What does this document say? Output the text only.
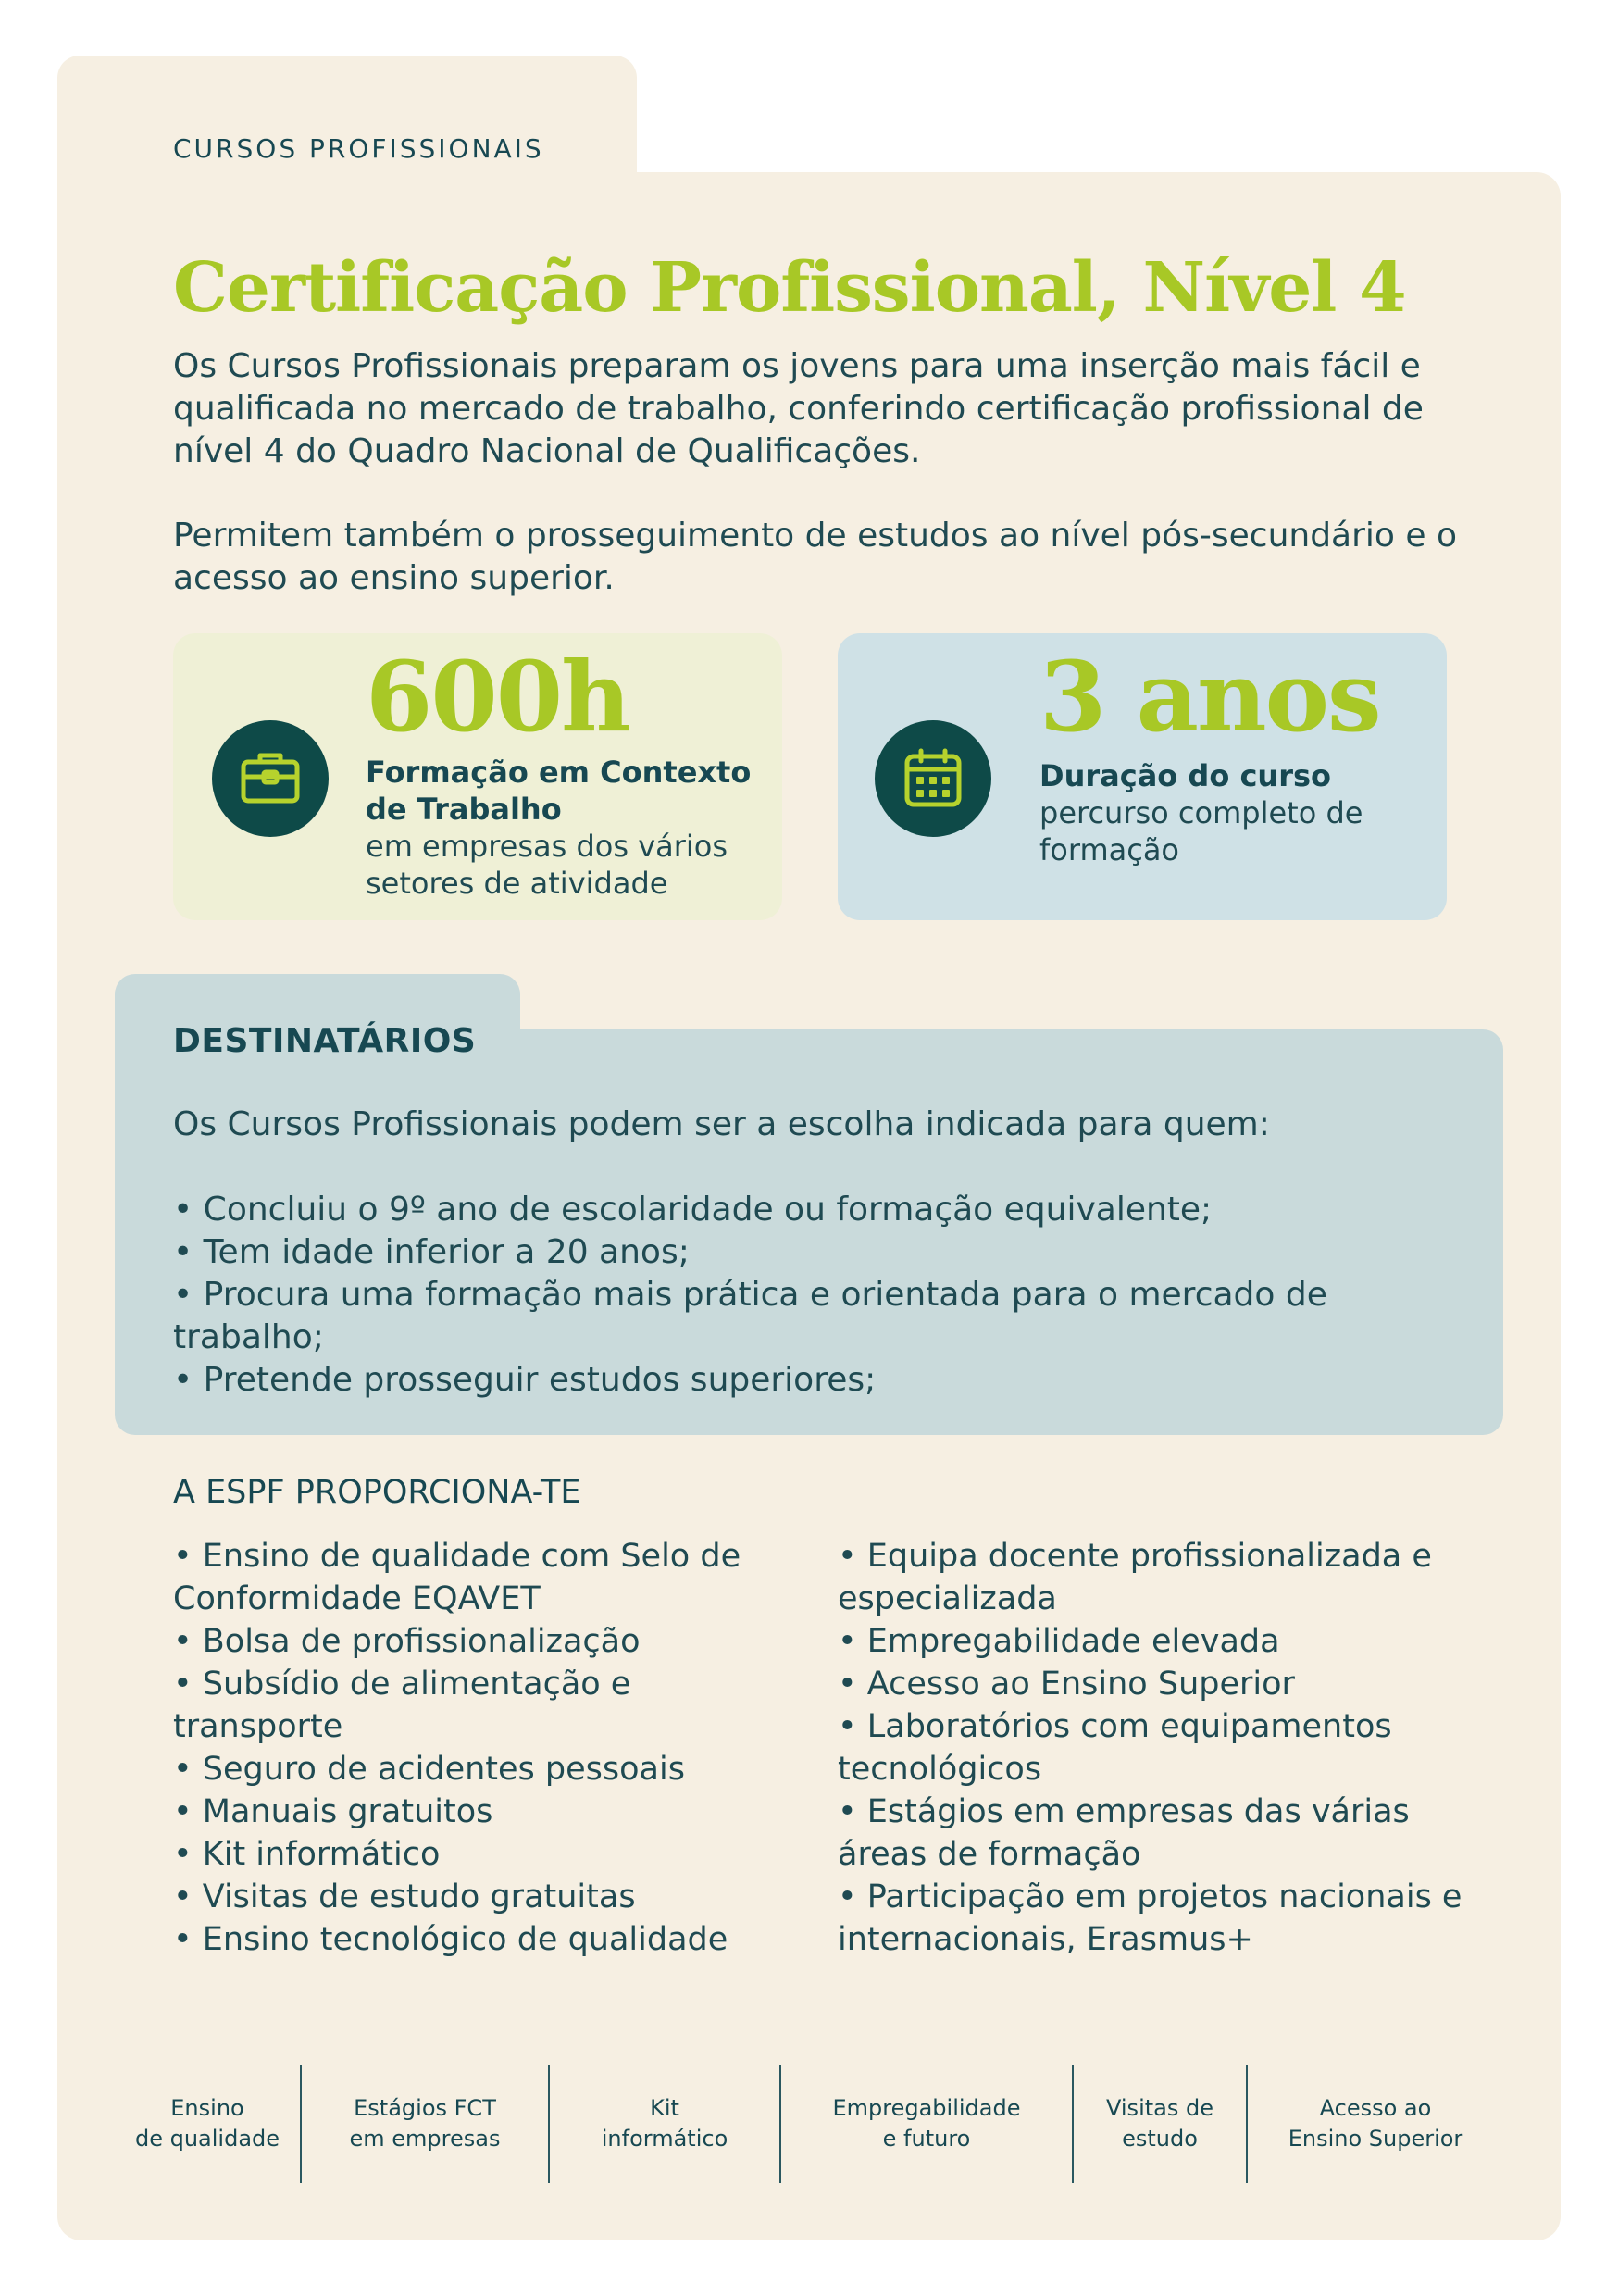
CURSOS PROFISSIONAIS
Certificação Profissional, Nível 4

Os Cursos Profissionais preparam os jovens para uma inserção mais fácil e qualificada no mercado de trabalho, conferindo certificação profissional de nível 4 do Quadro Nacional de Qualificações.

Permitem também o prosseguimento de estudos ao nível pós-secundário e o acesso ao ensino superior.

600h
Formação em Contexto de Trabalho
em empresas dos vários setores de atividade
3 anos
Duração do curso
percurso completo de formação
DESTINATÁRIOS

Os Cursos Profissionais podem ser a escolha indicada para quem:

• Concluiu o 9º ano de escolaridade ou formação equivalente;
• Tem idade inferior a 20 anos;
• Procura uma formação mais prática e orientada para o mercado de trabalho;
• Pretende prosseguir estudos superiores;
A ESPF PROPORCIONA-TE
• Ensino de qualidade com Selo de Conformidade EQAVET
• Bolsa de profissionalização
• Subsídio de alimentação e transporte
• Seguro de acidentes pessoais
• Manuais gratuitos
• Kit informático
• Visitas de estudo gratuitas
• Ensino tecnológico de qualidade
• Equipa docente profissionalizada e especializada
• Empregabilidade elevada
• Acesso ao Ensino Superior
• Laboratórios com equipamentos tecnológicos
• Estágios em empresas das várias áreas de formação
• Participação em projetos nacionais e internacionais, Erasmus+
Ensino
de qualidade
Estágios FCT
em empresas
Kit
informático
Empregabilidade
e futuro
Visitas de
estudo
Acesso ao
Ensino Superior
